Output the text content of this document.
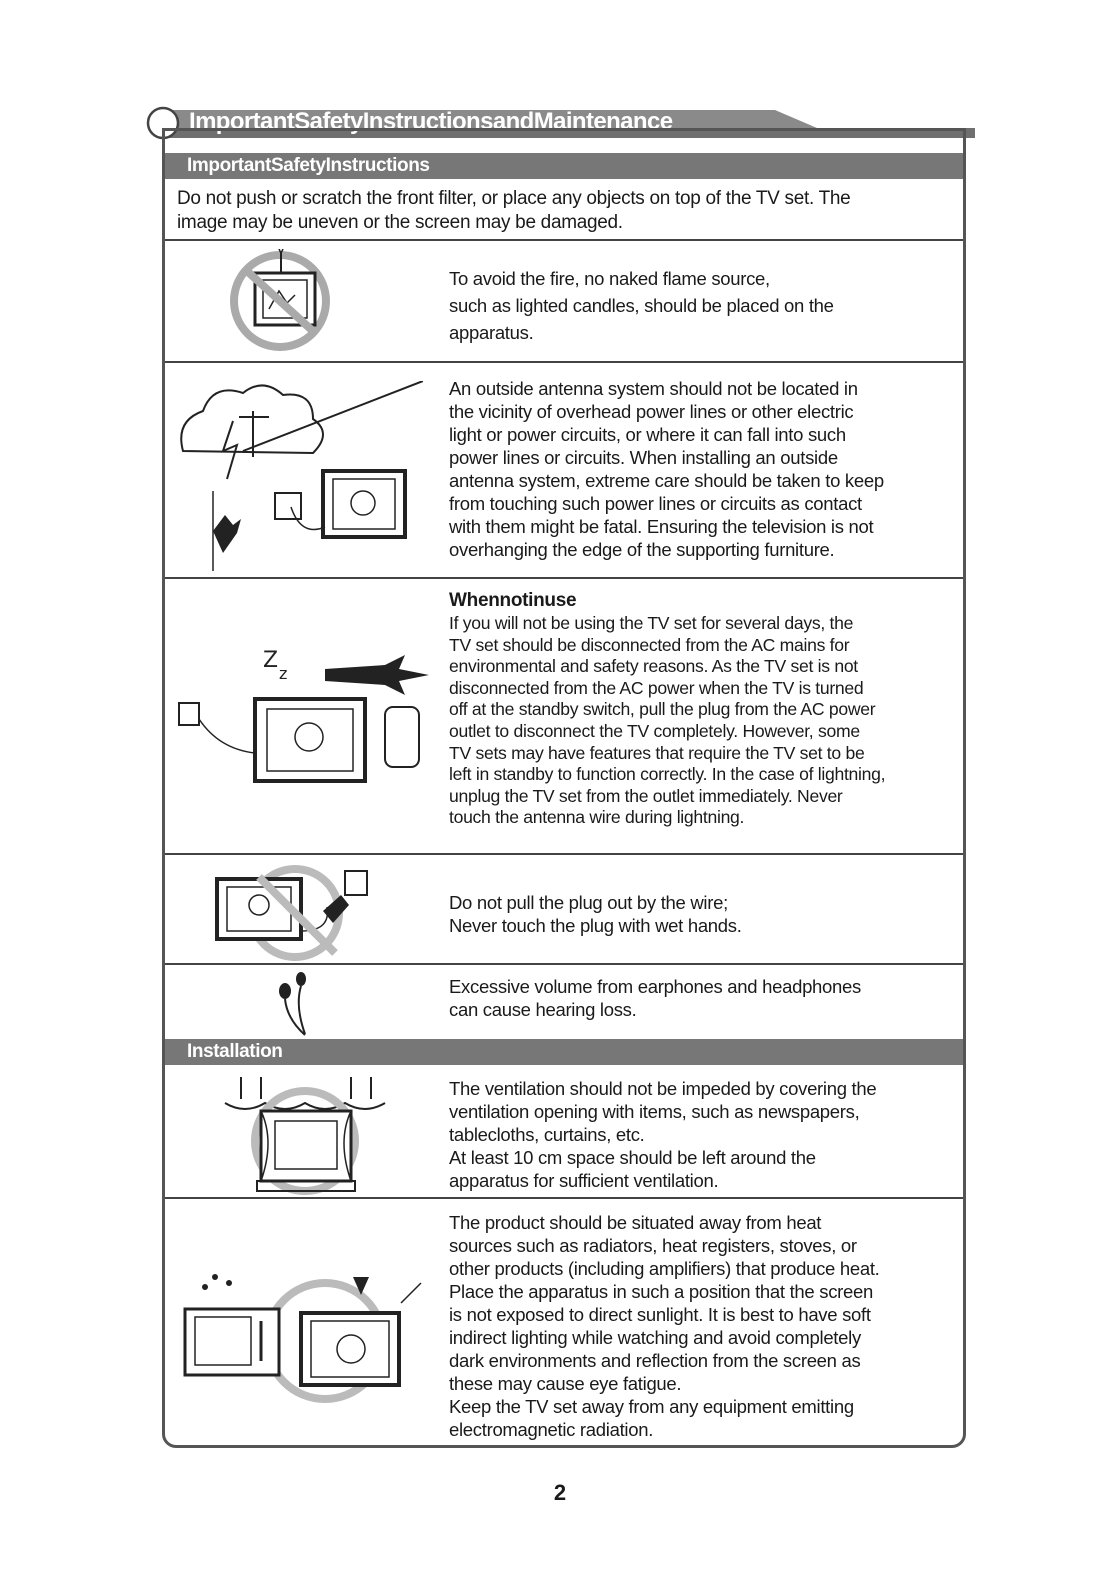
ImportantSafetyInstructionsandMaintenance
ImportantSafetyInstructions
Do not push or scratch the front filter, or place any objects on top of the TV set. The
image may be uneven or the screen may be damaged.
To avoid the fire, no naked flame source,
such as lighted candles, should be placed on the
apparatus.
An outside antenna system should not be located in
the vicinity of overhead power lines or other electric
light or power circuits, or where it can fall into such
power lines or circuits. When installing an outside
antenna system, extreme care should be taken to keep
from touching such power lines or circuits as contact
with them might be fatal. Ensuring the television is not
overhanging the edge of the supporting furniture.
Z
z
Whennotinuse
If you will not be using the TV set for several days, the
TV set should be disconnected from the AC mains for
environmental and safety reasons. As the TV set is not
disconnected from the AC power when the TV is turned
off at the standby switch, pull the plug from the AC power
outlet to disconnect the TV completely. However, some
TV sets may have features that require the TV set to be
left in standby to function correctly. In the case of lightning,
unplug the TV set from the outlet immediately. Never
touch the antenna wire during lightning.
Do not pull the plug out by the wire;
Never touch the plug with wet hands.
Excessive volume from earphones and headphones
can cause hearing loss.
Installation
The ventilation should not be impeded by covering the
ventilation opening with items, such as newspapers,
tablecloths, curtains, etc.
At least 10 cm space should be left around the
apparatus for sufficient ventilation.
The product should be situated away from heat
sources such as radiators, heat registers, stoves, or
other products (including amplifiers) that produce heat.
Place the apparatus in such a position that the screen
is not exposed to direct sunlight. It is best to have soft
indirect lighting while watching and avoid completely
dark environments and reflection from the screen as
these may cause eye fatigue.
Keep the TV set away from any equipment emitting
electromagnetic radiation.
2
